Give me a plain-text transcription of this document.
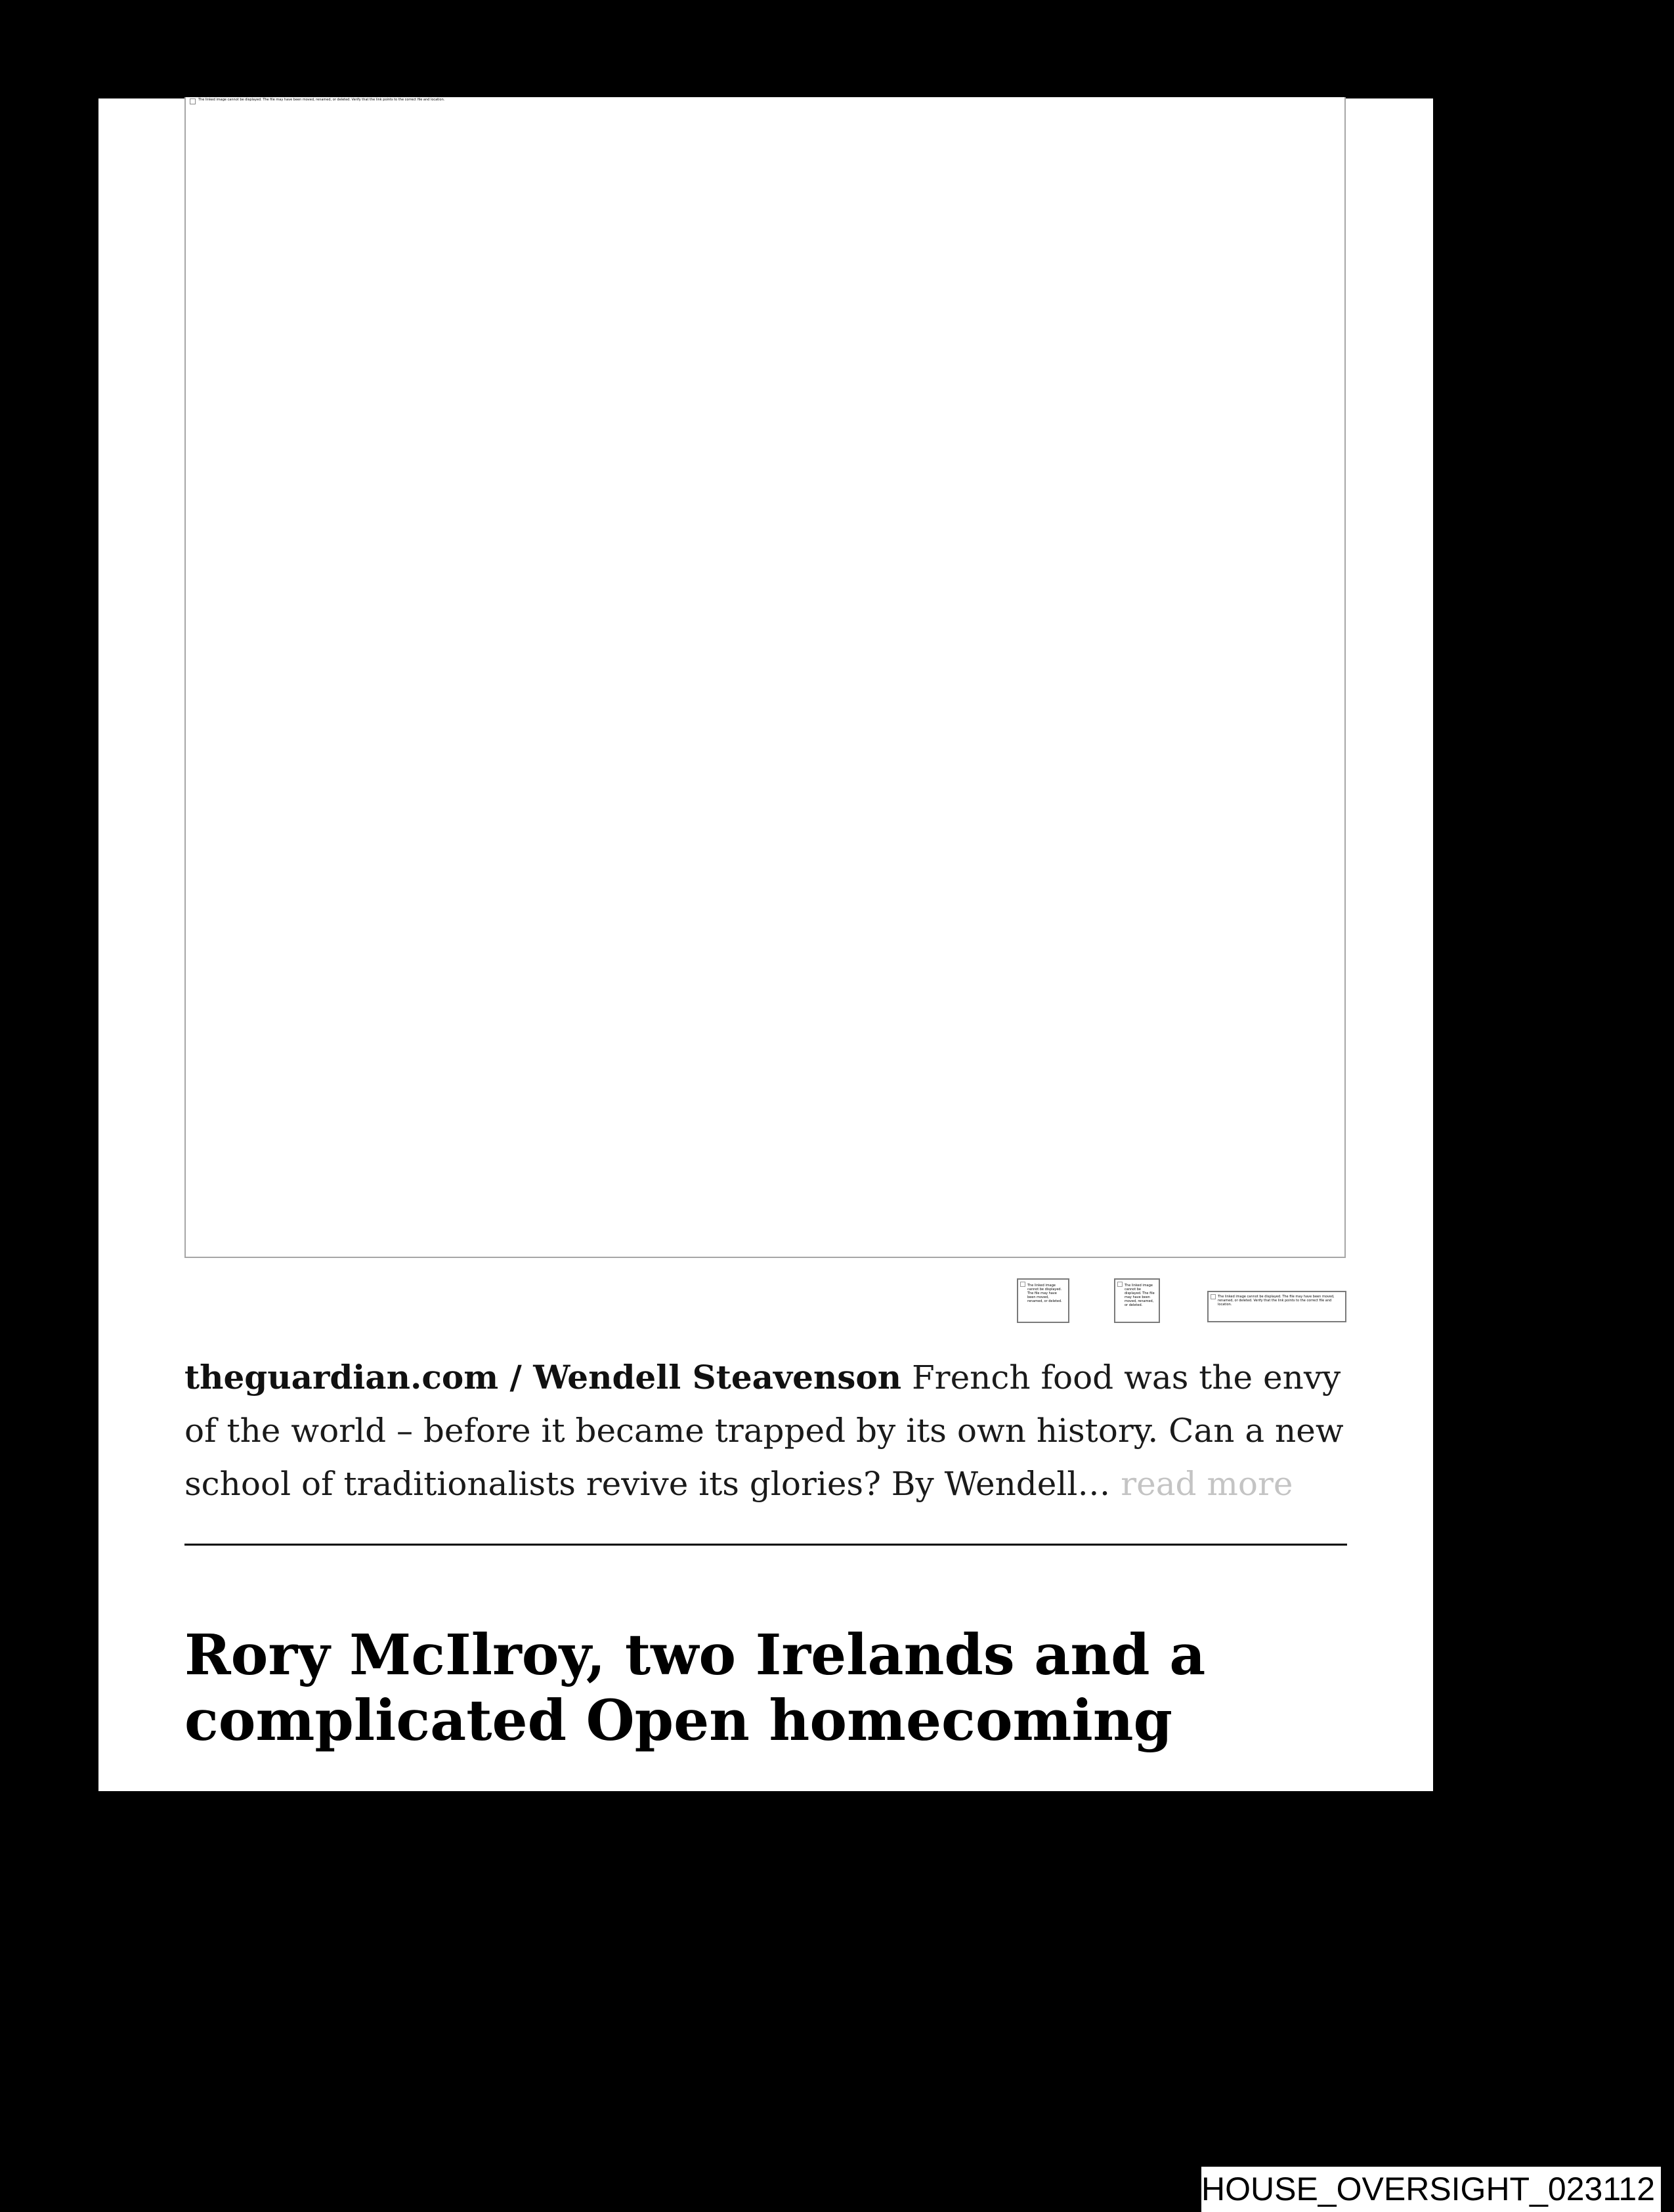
The linked image cannot be displayed. The file may have been moved, renamed, or deleted. Verify that the link points to the correct file and location.
The linked image cannot be displayed. The file may have been moved, renamed, or deleted.
The linked image cannot be displayed. The file may have been moved, renamed, or deleted.
The linked image cannot be displayed. The file may have been moved, renamed, or deleted. Verify that the link points to the correct file and location.

theguardian.com / Wendell Steavenson French food was the envy of the world – before it became trapped by its own history. Can a new school of traditionalists revive its glories? By Wendell… read more

Rory McIlroy, two Irelands and a complicated Open homecoming
HOUSE_OVERSIGHT_023112
